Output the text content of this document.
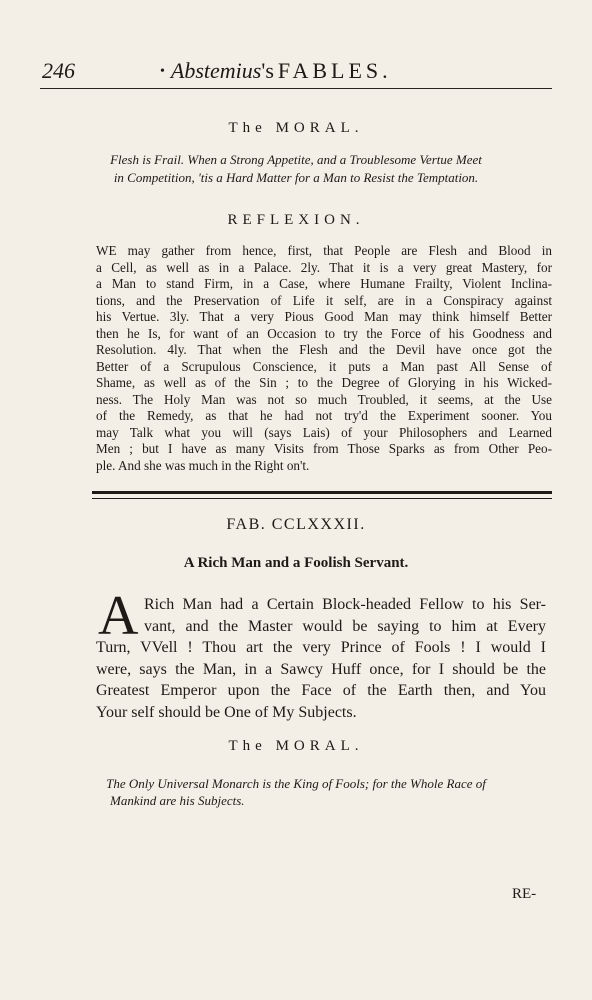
246	• Abstemius's FABLES.
The MORAL.
Flesh is Frail. When a Strong Appetite, and a Troublesome Vertue Meet
in Competition, 'tis a Hard Matter for a Man to Resist the Temptation.
REFLEXION.
WE may gather from hence, first, that People are Flesh and Blood in
a Cell, as well as in a Palace. 2ly. That it is a very great Mastery, for
a Man to stand Firm, in a Case, where Humane Frailty, Violent Inclina-
tions, and the Preservation of Life it self, are in a Conspiracy against
his Vertue. 3ly. That a very Pious Good Man may think himself Better
then he Is, for want of an Occasion to try the Force of his Goodness and
Resolution. 4ly. That when the Flesh and the Devil have once got the
Better of a Scrupulous Conscience, it puts a Man past All Sense of
Shame, as well as of the Sin ; to the Degree of Glorying in his Wicked-
ness. The Holy Man was not so much Troubled, it seems, at the Use
of the Remedy, as that he had not try'd the Experiment sooner. You
may Talk what you will (says Lais) of your Philosophers and Learned
Men ; but I have as many Visits from Those Sparks as from Other Peo-
ple. And she was much in the Right on't.
FAB. CCLXXXII.
A Rich Man and a Foolish Servant.
A Rich Man had a Certain Block-headed Fellow to his Ser-
vant, and the Master would be saying to him at Every
Turn, VVell ! Thou art the very Prince of Fools ! I would I
were, says the Man, in a Sawcy Huff once, for I should be the
Greatest Emperor upon the Face of the Earth then, and You
Your self should be One of My Subjects.
The MORAL.
The Only Universal Monarch is the King of Fools; for the Whole Race of
Mankind are his Subjects.
RE-
